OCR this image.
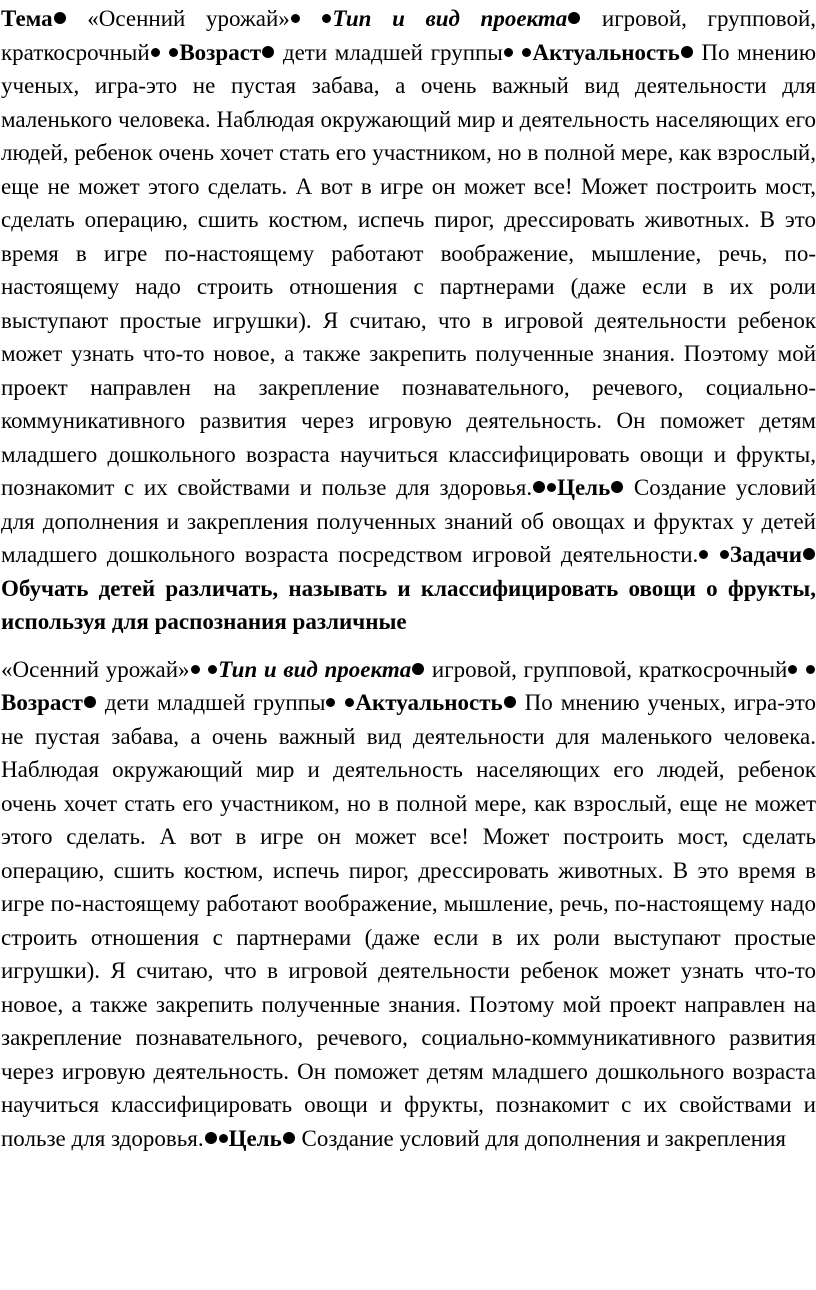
Тема «Осенний урожай» Тип и вид проекта игровой, групповой, краткосрочный Возраст дети младшей группы Актуальность По мнению ученых, игра-это не пустая забава, а очень важный вид деятельности для маленького человека. Наблюдая окружающий мир и деятельность населяющих его людей, ребенок очень хочет стать его участником, но в полной мере, как взрослый, еще не может этого сделать. А вот в игре он может все! Может построить мост, сделать операцию, сшить костюм, испечь пирог, дрессировать животных. В это время в игре по-настоящему работают воображение, мышление, речь, по-настоящему надо строить отношения с партнерами (даже если в их роли выступают простые игрушки). Я считаю, что в игровой деятельности ребенок может узнать что-то новое, а также закрепить полученные знания. Поэтому мой проект направлен на закрепление познавательного, речевого, социально-коммуникативного развития через игровую деятельность. Он поможет детям младшего дошкольного возраста научиться классифицировать овощи и фрукты, познакомит с их свойствами и пользе для здоровья. Цель Создание условий для дополнения и закрепления полученных знаний об овощах и фруктах у детей младшего дошкольного возраста посредством игровой деятельности. Задачи Обучать детей различать, называть и классифицировать овощи о фрукты, используя для распознания различные

«Осенний урожай» Тип и вид проекта игровой, групповой, краткосрочный Возраст дети младшей группы Актуальность По мнению ученых, игра-это не пустая забава, а очень важный вид деятельности для маленького человека. Наблюдая окружающий мир и деятельность населяющих его людей, ребенок очень хочет стать его участником, но в полной мере, как взрослый, еще не может этого сделать. А вот в игре он может все! Может построить мост, сделать операцию, сшить костюм, испечь пирог, дрессировать животных. В это время в игре по-настоящему работают воображение, мышление, речь, по-настоящему надо строить отношения с партнерами (даже если в их роли выступают простые игрушки). Я считаю, что в игровой деятельности ребенок может узнать что-то новое, а также закрепить полученные знания. Поэтому мой проект направлен на закрепление познавательного, речевого, социально-коммуникативного развития через игровую деятельность. Он поможет детям младшего дошкольного возраста научиться классифицировать овощи и фрукты, познакомит с их свойствами и пользе для здоровья. Цель Создание условий для дополнения и закрепления
